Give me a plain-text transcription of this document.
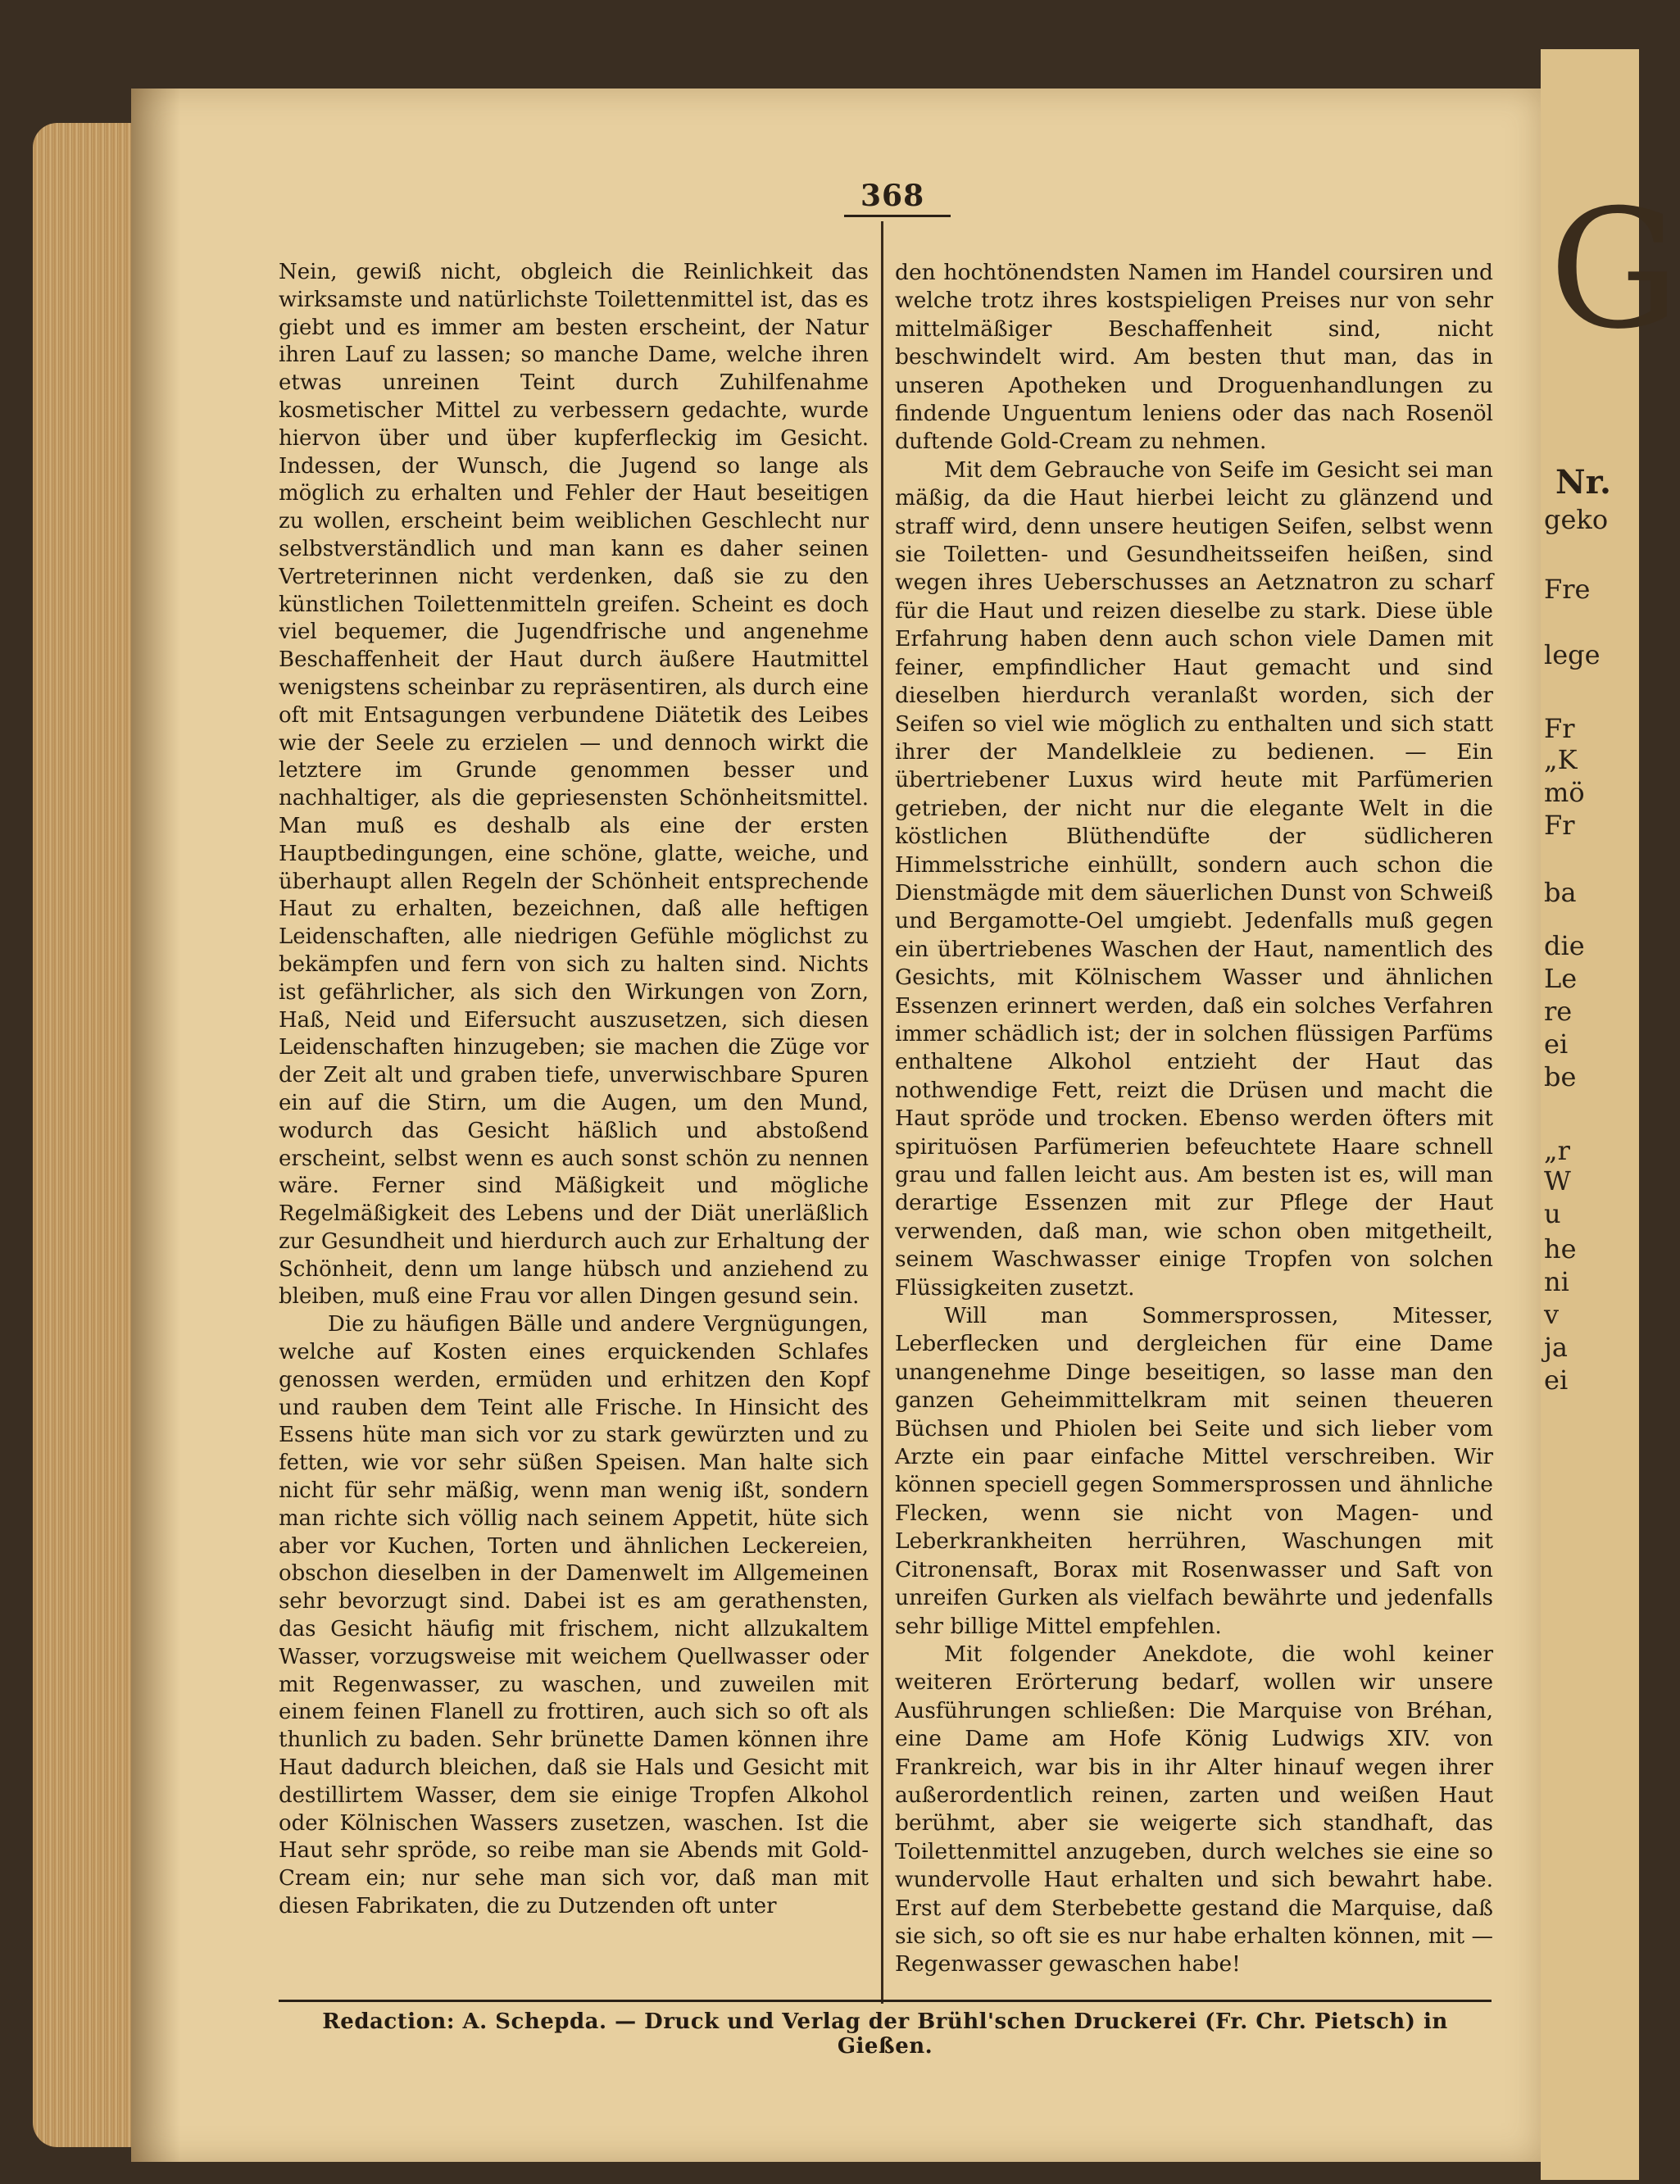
G
Nr.
geko
Fre
lege
Fr
„K
mö
Fr
ba
die
Le
re
ei
be
„r
W
u
he
ni
v
ja
ei
368

Nein, gewiß nicht, obgleich die Reinlichkeit das wirksamste und natürlichste Toilettenmittel ist, das es giebt und es immer am besten erscheint, der Natur ihren Lauf zu lassen; so manche Dame, welche ihren etwas unreinen Teint durch Zuhilfenahme kosmetischer Mittel zu verbessern gedachte, wurde hiervon über und über kupferfleckig im Gesicht. Indessen, der Wunsch, die Jugend so lange als möglich zu erhalten und Fehler der Haut beseitigen zu wollen, erscheint beim weiblichen Geschlecht nur selbstverständlich und man kann es daher seinen Vertreterinnen nicht verdenken, daß sie zu den künstlichen Toilettenmitteln greifen. Scheint es doch viel bequemer, die Jugendfrische und angenehme Beschaffenheit der Haut durch äußere Hautmittel wenigstens scheinbar zu repräsentiren, als durch eine oft mit Entsagungen verbundene Diätetik des Leibes wie der Seele zu erzielen — und dennoch wirkt die letztere im Grunde genommen besser und nachhaltiger, als die gepriesensten Schönheitsmittel. Man muß es deshalb als eine der ersten Hauptbedingungen, eine schöne, glatte, weiche, und überhaupt allen Regeln der Schönheit entsprechende Haut zu erhalten, bezeichnen, daß alle heftigen Leidenschaften, alle niedrigen Gefühle möglichst zu bekämpfen und fern von sich zu halten sind. Nichts ist gefährlicher, als sich den Wirkungen von Zorn, Haß, Neid und Eifersucht auszusetzen, sich diesen Leidenschaften hinzugeben; sie machen die Züge vor der Zeit alt und graben tiefe, unverwischbare Spuren ein auf die Stirn, um die Augen, um den Mund, wodurch das Gesicht häßlich und abstoßend erscheint, selbst wenn es auch sonst schön zu nennen wäre. Ferner sind Mäßigkeit und mögliche Regelmäßigkeit des Lebens und der Diät unerläßlich zur Gesundheit und hierdurch auch zur Erhaltung der Schönheit, denn um lange hübsch und anziehend zu bleiben, muß eine Frau vor allen Dingen gesund sein.

Die zu häufigen Bälle und andere Vergnügungen, welche auf Kosten eines erquickenden Schlafes genossen werden, ermüden und erhitzen den Kopf und rauben dem Teint alle Frische. In Hinsicht des Essens hüte man sich vor zu stark gewürzten und zu fetten, wie vor sehr süßen Speisen. Man halte sich nicht für sehr mäßig, wenn man wenig ißt, sondern man richte sich völlig nach seinem Appetit, hüte sich aber vor Kuchen, Torten und ähnlichen Leckereien, obschon dieselben in der Damenwelt im Allgemeinen sehr bevorzugt sind. Dabei ist es am gerathensten, das Gesicht häufig mit frischem, nicht allzukaltem Wasser, vorzugsweise mit weichem Quellwasser oder mit Regenwasser, zu waschen, und zuweilen mit einem feinen Flanell zu frottiren, auch sich so oft als thunlich zu baden. Sehr brünette Damen können ihre Haut dadurch bleichen, daß sie Hals und Gesicht mit destillirtem Wasser, dem sie einige Tropfen Alkohol oder Kölnischen Wassers zusetzen, waschen. Ist die Haut sehr spröde, so reibe man sie Abends mit Gold-Cream ein; nur sehe man sich vor, daß man mit diesen Fabrikaten, die zu Dutzenden oft unter

den hochtönendsten Namen im Handel coursiren und welche trotz ihres kostspieligen Preises nur von sehr mittelmäßiger Beschaffenheit sind, nicht beschwindelt wird. Am besten thut man, das in unseren Apotheken und Droguenhandlungen zu findende Unguentum leniens oder das nach Rosenöl duftende Gold-Cream zu nehmen.

Mit dem Gebrauche von Seife im Gesicht sei man mäßig, da die Haut hierbei leicht zu glänzend und straff wird, denn unsere heutigen Seifen, selbst wenn sie Toiletten- und Gesundheitsseifen heißen, sind wegen ihres Ueberschusses an Aetznatron zu scharf für die Haut und reizen dieselbe zu stark. Diese üble Erfahrung haben denn auch schon viele Damen mit feiner, empfindlicher Haut gemacht und sind dieselben hierdurch veranlaßt worden, sich der Seifen so viel wie möglich zu enthalten und sich statt ihrer der Mandelkleie zu bedienen. — Ein übertriebener Luxus wird heute mit Parfümerien getrieben, der nicht nur die elegante Welt in die köstlichen Blüthendüfte der südlicheren Himmelsstriche einhüllt, sondern auch schon die Dienstmägde mit dem säuerlichen Dunst von Schweiß und Bergamotte-Oel umgiebt. Jedenfalls muß gegen ein übertriebenes Waschen der Haut, namentlich des Gesichts, mit Kölnischem Wasser und ähnlichen Essenzen erinnert werden, daß ein solches Verfahren immer schädlich ist; der in solchen flüssigen Parfüms enthaltene Alkohol entzieht der Haut das nothwendige Fett, reizt die Drüsen und macht die Haut spröde und trocken. Ebenso werden öfters mit spirituösen Parfümerien befeuchtete Haare schnell grau und fallen leicht aus. Am besten ist es, will man derartige Essenzen mit zur Pflege der Haut verwenden, daß man, wie schon oben mitgetheilt, seinem Waschwasser einige Tropfen von solchen Flüssigkeiten zusetzt.

Will man Sommersprossen, Mitesser, Leberflecken und dergleichen für eine Dame unangenehme Dinge beseitigen, so lasse man den ganzen Geheimmittelkram mit seinen theueren Büchsen und Phiolen bei Seite und sich lieber vom Arzte ein paar einfache Mittel verschreiben. Wir können speciell gegen Sommersprossen und ähnliche Flecken, wenn sie nicht von Magen- und Leberkrankheiten herrühren, Waschungen mit Citronensaft, Borax mit Rosenwasser und Saft von unreifen Gurken als vielfach bewährte und jedenfalls sehr billige Mittel empfehlen.

Mit folgender Anekdote, die wohl keiner weiteren Erörterung bedarf, wollen wir unsere Ausführungen schließen: Die Marquise von Bréhan, eine Dame am Hofe König Ludwigs XIV. von Frankreich, war bis in ihr Alter hinauf wegen ihrer außerordentlich reinen, zarten und weißen Haut berühmt, aber sie weigerte sich standhaft, das Toilettenmittel anzugeben, durch welches sie eine so wundervolle Haut erhalten und sich bewahrt habe. Erst auf dem Sterbebette gestand die Marquise, daß sie sich, so oft sie es nur habe erhalten können, mit — Regenwasser gewaschen habe!

Redaction: A. Schepda. — Druck und Verlag der Brühl'schen Druckerei (Fr. Chr. Pietsch) in Gießen.
